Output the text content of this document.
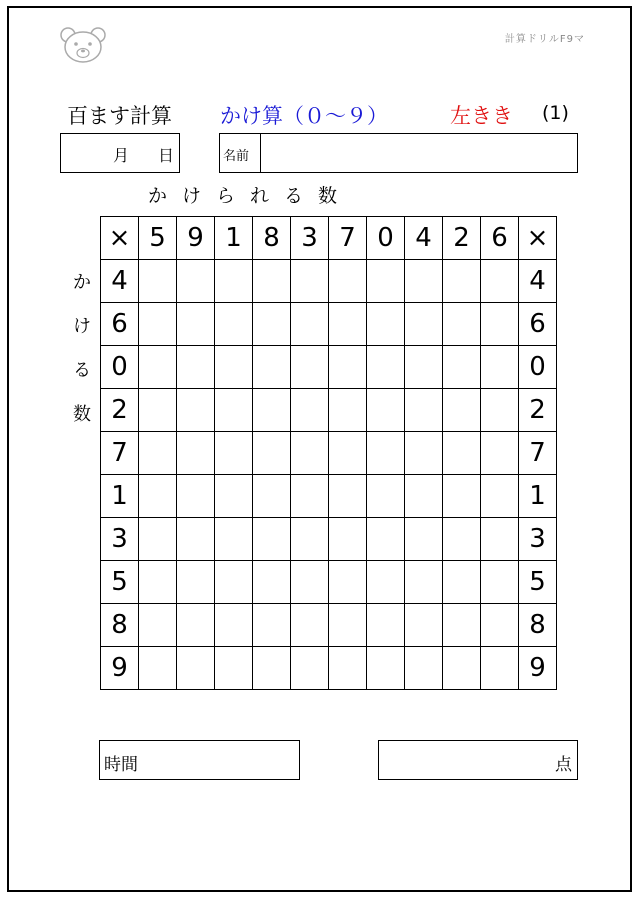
計算ドリルF9マ
百ます計算 かけ算（０～９）	左きき (1)
月 日	名前
かけられる数
か
け
る
数
×	5	9	1	8	3	7	0	4	2	6	×
4											4
6											6
0											0
2											2
7											7
1											1
3											3
5											5
8											8
9											9
時間	点
